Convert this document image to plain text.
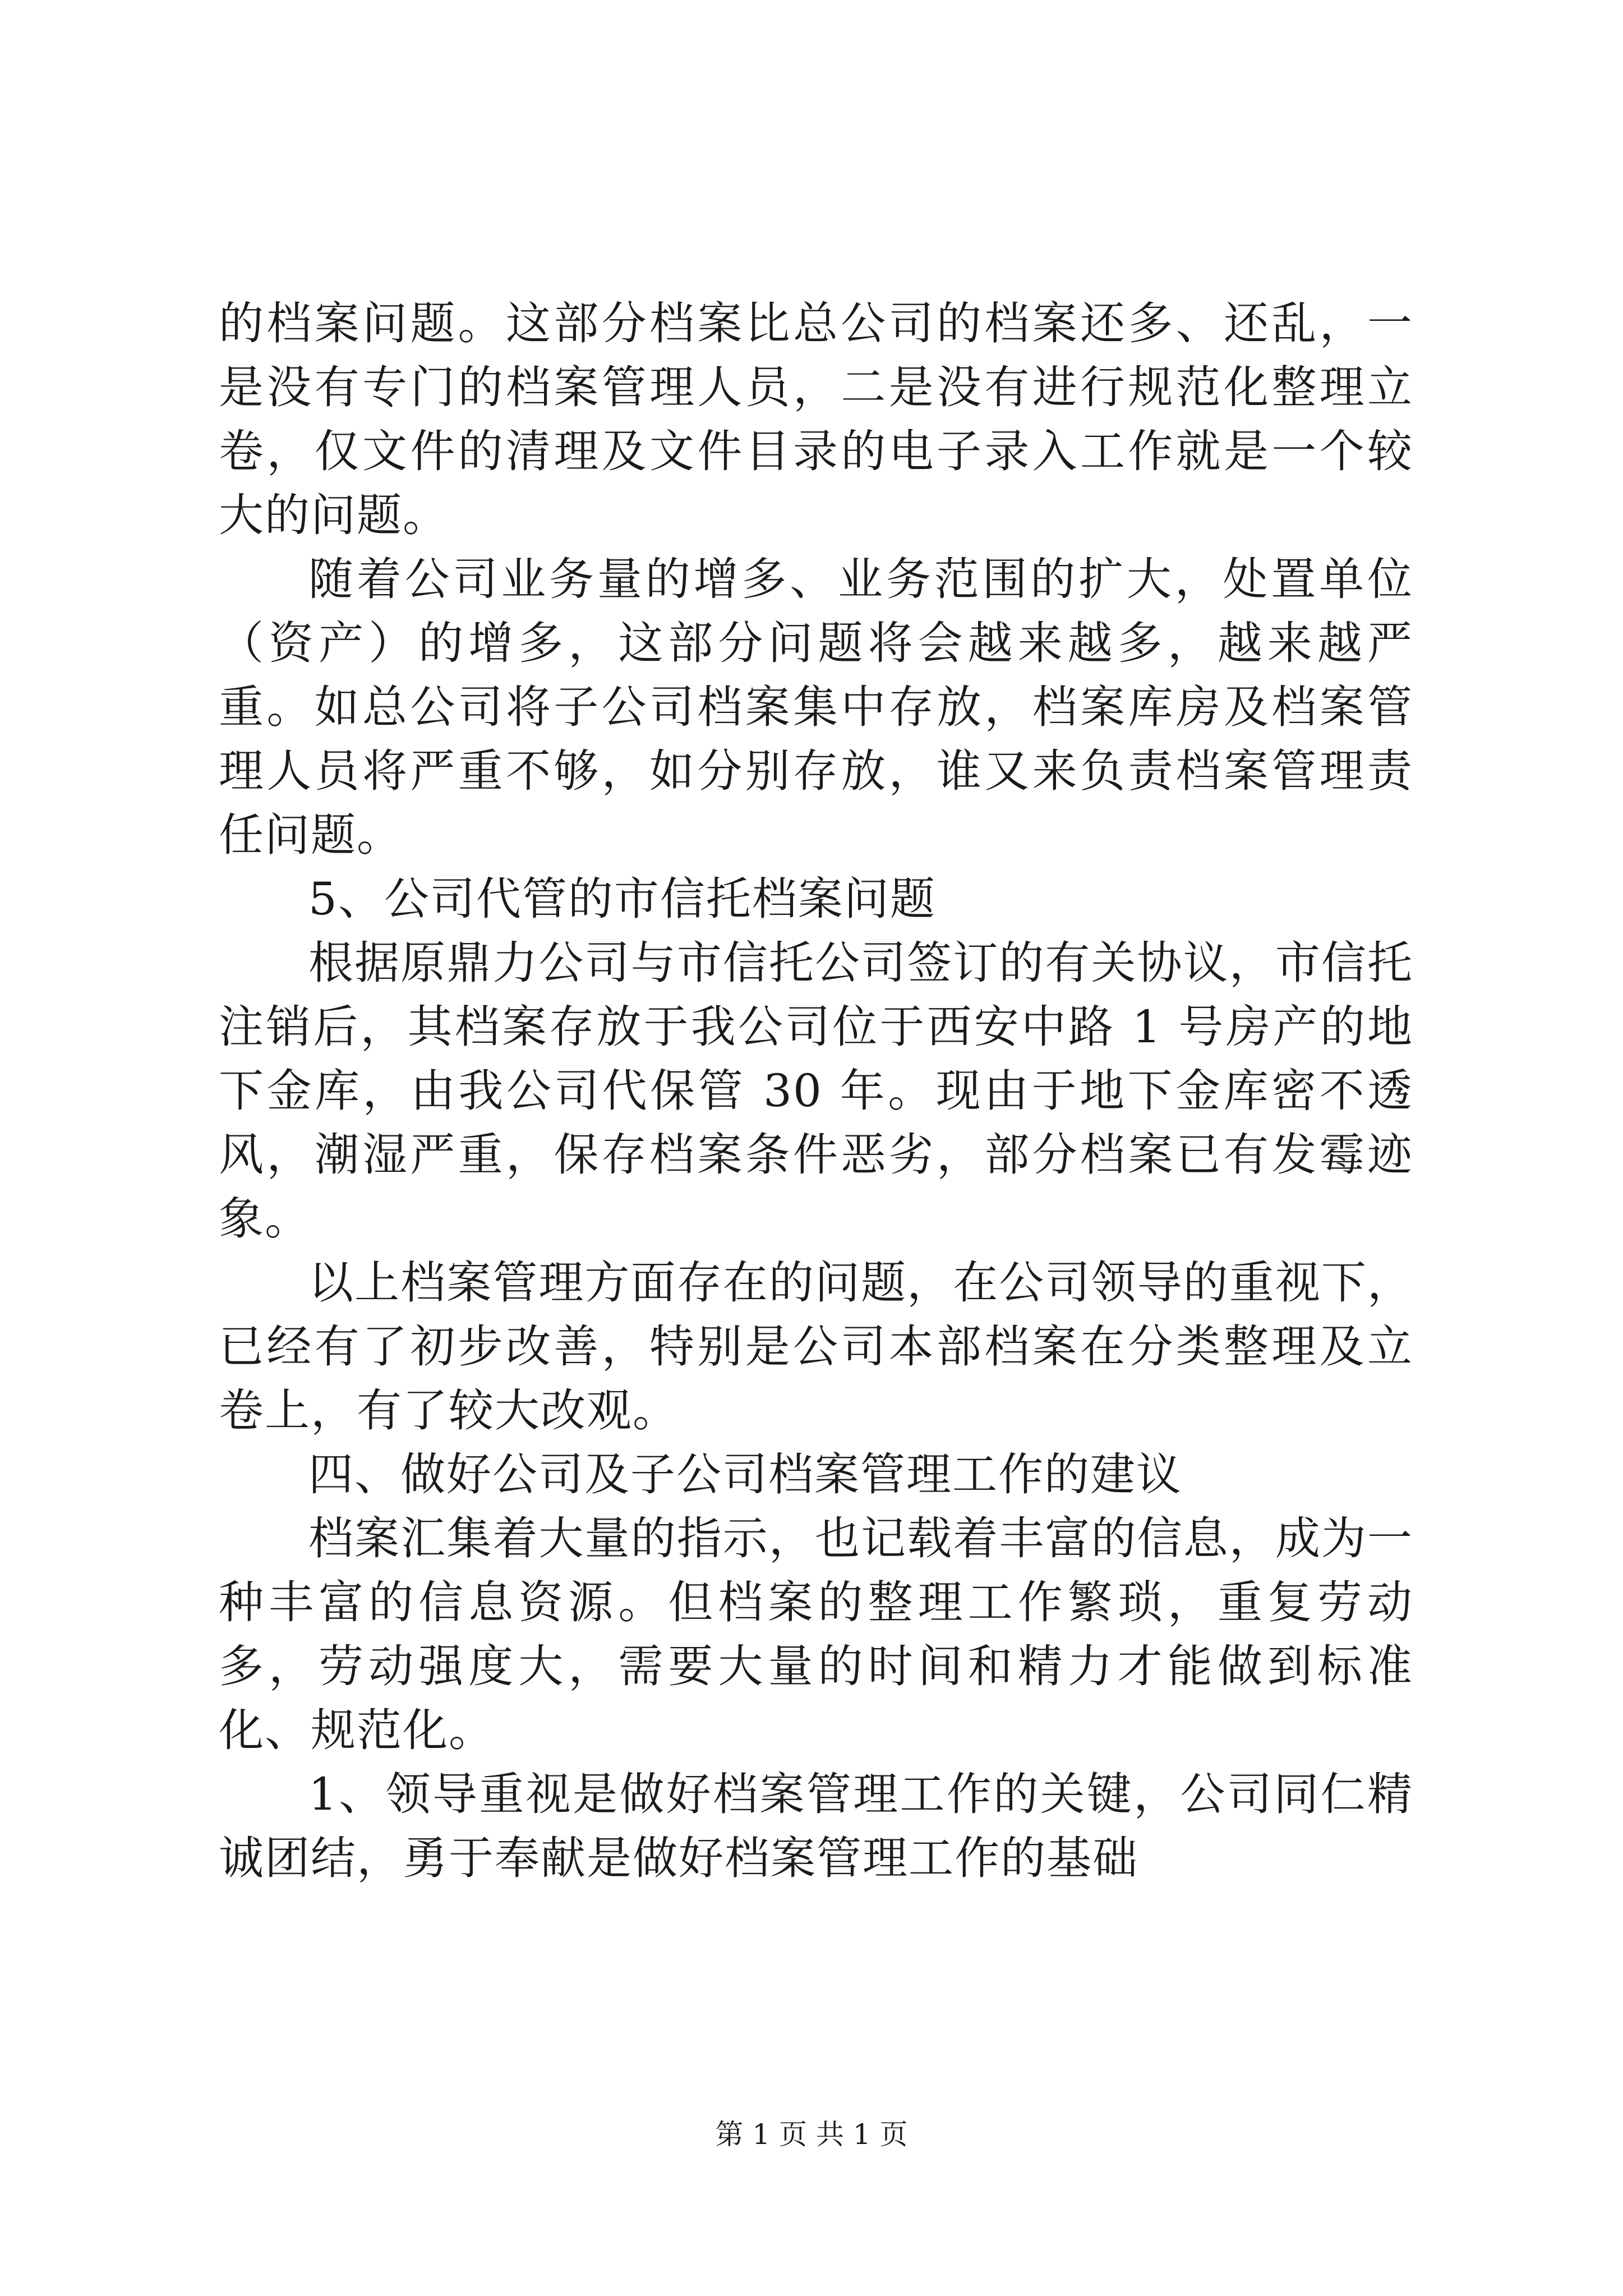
的档案问题。这部分档案比总公司的档案还多、还乱，一是没有专门的档案管理人员，二是没有进行规范化整理立卷，仅文件的清理及文件目录的电子录入工作就是一个较大的问题。

随着公司业务量的增多、业务范围的扩大，处置单位（资产）的增多，这部分问题将会越来越多，越来越严重。如总公司将子公司档案集中存放，档案库房及档案管理人员将严重不够，如分别存放，谁又来负责档案管理责任问题。

5、公司代管的市信托档案问题

根据原鼎力公司与市信托公司签订的有关协议，市信托注销后，其档案存放于我公司位于西安中路 1 号房产的地下金库，由我公司代保管 30 年。现由于地下金库密不透风，潮湿严重，保存档案条件恶劣，部分档案已有发霉迹象。

以上档案管理方面存在的问题，在公司领导的重视下，已经有了初步改善，特别是公司本部档案在分类整理及立卷上，有了较大改观。

四、做好公司及子公司档案管理工作的建议

档案汇集着大量的指示，也记载着丰富的信息，成为一种丰富的信息资源。但档案的整理工作繁琐，重复劳动多，劳动强度大，需要大量的时间和精力才能做到标准化、规范化。

1、领导重视是做好档案管理工作的关键，公司同仁精诚团结，勇于奉献是做好档案管理工作的基础

第 1 页 共 1 页
